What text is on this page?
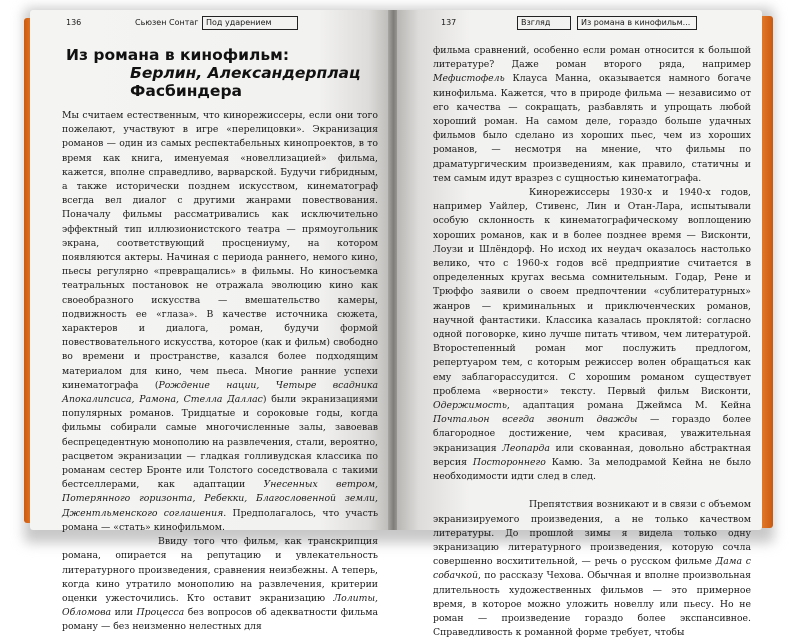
136	Сьюзен Сонтаг Под ударением
Из романа в кинофильм:
Берлин, Александерплац
Фасбиндера

Мы считаем естественным, что кинорежиссеры, если они того пожелают, участвуют в игре «перелицовки». Экранизация романов — один из самых респектабельных кинопроектов, в то время как книга, именуемая «новеллизацией» фильма, кажется, вполне справедливо, варварской. Будучи гибридным, а также исторически позднем искусством, кинематограф всегда вел диалог с другими жанрами повествования. Поначалу фильмы рассматривались как исключительно эффектный тип иллюзионистского театра — прямоугольник экрана, соответствующий просцениуму, на котором появляются актеры. Начиная с периода раннего, немого кино, пьесы регулярно «превращались» в фильмы. Но киносъемка театральных постановок не отражала эволюцию кино как своеобразного искусства — вмешательство камеры, подвижность ее «глаза». В качестве источника сюжета, характеров и диалога, роман, будучи формой повествовательного искусства, которое (как и фильм) свободно во времени и пространстве, казался более подходящим материалом для кино, чем пьеса. Многие ранние успехи кинематографа (Рождение нации, Четыре всадника Апокалипсиса, Рамона, Стелла Даллас) были экранизациями популярных романов. Тридцатые и сороковые годы, когда фильмы собирали самые многочисленные залы, завоевав беспрецедентную монополию на развлечения, стали, вероятно, расцветом экранизации — гладкая голливудская классика по романам сестер Бронте или Толстого соседствовала с такими бестселлерами, как адаптации Унесенных ветром, Потерянного горизонта, Ребекки, Благословенной земли, Джентльменского соглашения. Предполагалось, что участь романа — «стать» кинофильмом.

Ввиду того что фильм, как транскрипция романа, опирается на репутацию и увлекательность литературного произведения, сравнения неизбежны. А теперь, когда кино утратило монополию на развлечения, критерии оценки ужесточились. Кто оставит экранизацию Лолиты, Обломова или Процесса без вопросов об адекватности фильма роману — без неизменно нелестных для

137	Взгляд	Из романа в кинофильм...

фильма сравнений, особенно если роман относится к большой литературе? Даже роман второго ряда, например Мефистофель Клауса Манна, оказывается намного богаче кинофильма. Кажется, что в природе фильма — независимо от его качества — сокращать, разбавлять и упрощать любой хороший роман. На самом деле, гораздо больше удачных фильмов было сделано из хороших пьес, чем из хороших романов, — несмотря на мнение, что фильмы по драматургическим произведениям, как правило, статичны и тем самым идут вразрез с сущностью кинематографа.

Кинорежиссеры 1930-х и 1940-х годов, например Уайлер, Стивенс, Лин и Отан-Лара, испытывали особую склонность к кинематографическому воплощению хороших романов, как и в более позднее время — Висконти, Лоузи и Шлёндорф. Но исход их неудач оказалось настолько велико, что с 1960-х годов всё предприятие считается в определенных кругах весьма сомнительным. Годар, Рене и Трюффо заявили о своем предпочтении «сублитературных» жанров — криминальных и приключенческих романов, научной фантастики. Классика казалась проклятой: согласно одной поговорке, кино лучше питать чтивом, чем литературой. Второстепенный роман мог послужить предлогом, репертуаром тем, с которым режиссер волен обращаться как ему заблагорассудится. С хорошим романом существует проблема «верности» тексту. Первый фильм Висконти, Одержимость, адаптация романа Джеймса М. Кейна Почтальон всегда звонит дважды — гораздо более благородное достижение, чем красивая, уважительная экранизация Леопарда или скованная, довольно абстрактная версия Постороннего Камю. За мелодрамой Кейна не было необходимости идти след в след.

Препятствия возникают и в связи с объемом экранизируемого произведения, а не только качеством литературы. До прошлой зимы я видела только одну экранизацию литературного произведения, которую сочла совершенно восхитительной, — речь о русском фильме Дама с собачкой, по рассказу Чехова. Обычная и вполне произвольная длительность художественных фильмов — это примерное время, в которое можно уложить новеллу или пьесу. Но не роман — произведение гораздо более экспансивное. Справедливость к романной форме требует, чтобы
